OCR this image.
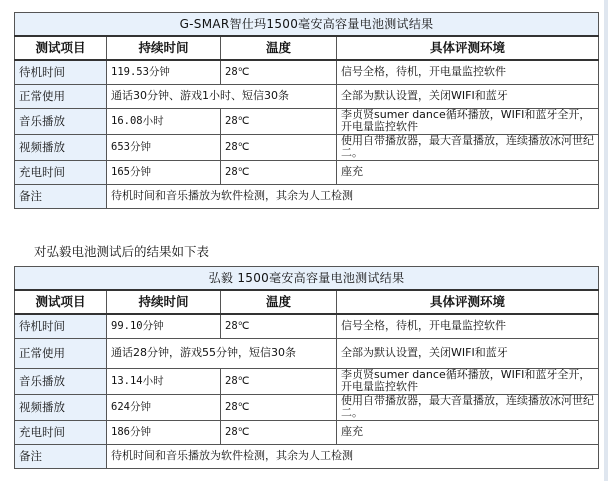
G-SMAR智仕玛1500毫安高容量电池测试结果			
测试项目	持续时间	温度	具体评测环境
待机时间	119.53分钟	28℃	信号全格，待机，开电量监控软件
正常使用	通话30分钟、游戏1小时、短信30条		全部为默认设置，关闭WIFI和蓝牙
音乐播放	16.08小时	28℃	李贞贤sumer dance循环播放，WIFI和蓝牙全开，开电量监控软件
视频播放	653分钟	28℃	使用自带播放器，最大音量播放，连续播放冰河世纪二。
充电时间	165分钟	28℃	座充
备注	待机时间和音乐播放为软件检测，其余为人工检测		
对弘毅电池测试后的结果如下表
弘毅 1500毫安高容量电池测试结果			
测试项目	持续时间	温度	具体评测环境
待机时间	99.10分钟	28℃	信号全格，待机，开电量监控软件
正常使用	通话28分钟，游戏55分钟，短信30条		全部为默认设置，关闭WIFI和蓝牙
音乐播放	13.14小时	28℃	李贞贤sumer dance循环播放，WIFI和蓝牙全开，开电量监控软件
视频播放	624分钟	28℃	使用自带播放器，最大音量播放，连续播放冰河世纪二。
充电时间	186分钟	28℃	座充
备注	待机时间和音乐播放为软件检测，其余为人工检测		
